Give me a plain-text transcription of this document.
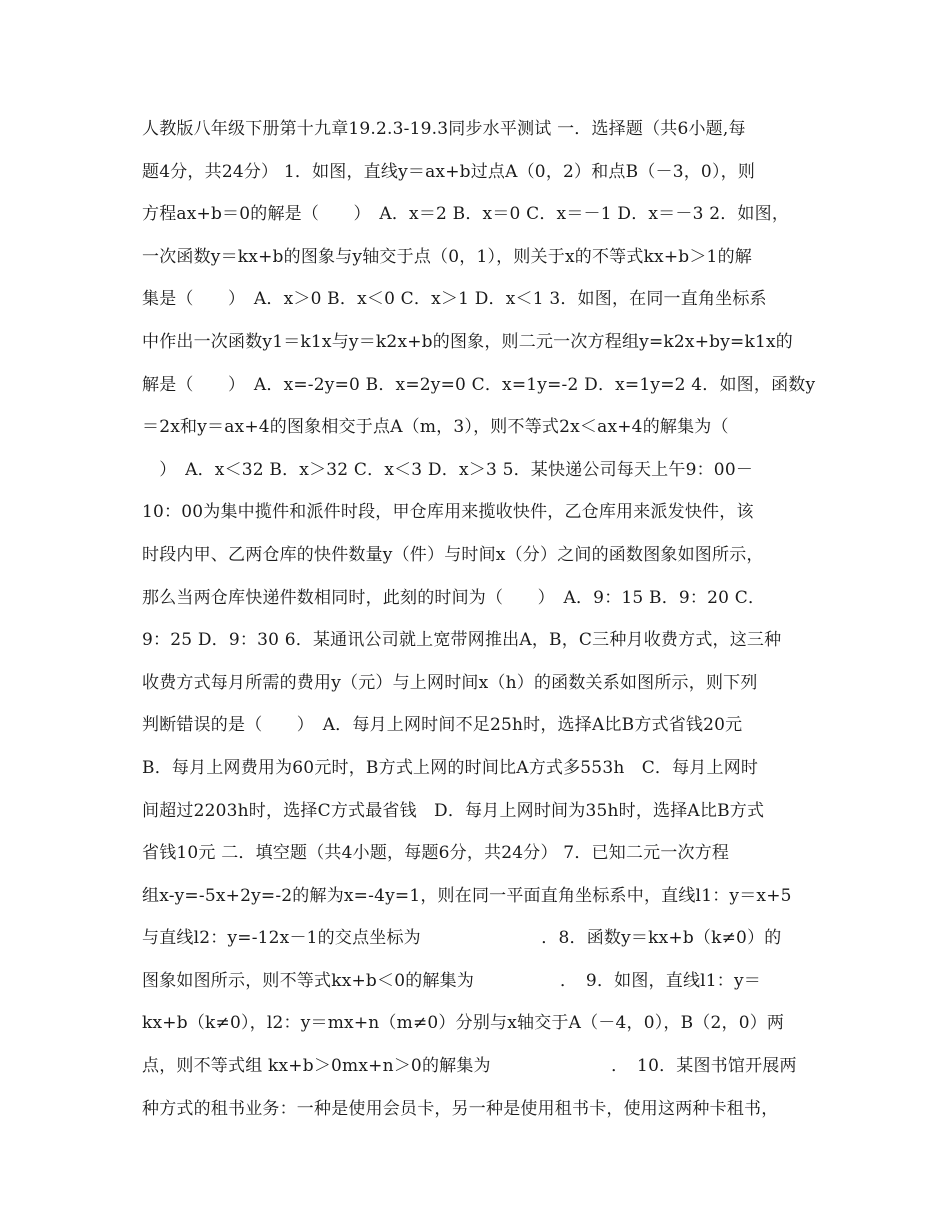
人教版八年级下册第十九章19.2.3-19.3同步水平测试 一．选择题（共6小题,每
题4分，共24分） 1．如图，直线y＝ax+b过点A（0，2）和点B（－3，0），则
方程ax+b＝0的解是（　　）　A．x＝2 B．x＝0 C．x＝－1 D．x＝－3 2．如图，
一次函数y＝kx+b的图象与y轴交于点（0，1），则关于x的不等式kx+b＞1的解
集是（　　）　A．x＞0 B．x＜0 C．x＞1 D．x＜1 3．如图，在同一直角坐标系
中作出一次函数y1＝k1x与y＝k2x+b的图象，则二元一次方程组y=k2x+by=k1x的
解是（　　）　A．x=-2y=0 B．x=2y=0 C．x=1y=-2 D．x=1y=2 4．如图，函数y
＝2x和y＝ax+4的图象相交于点A（m，3），则不等式2x＜ax+4的解集为（
　）　A．x＜32 B．x＞32 C．x＜3 D．x＞3 5．某快递公司每天上午9：00－
10：00为集中揽件和派件时段，甲仓库用来揽收快件，乙仓库用来派发快件，该
时段内甲、乙两仓库的快件数量y（件）与时间x（分）之间的函数图象如图所示，
那么当两仓库快递件数相同时，此刻的时间为（　　）　A．9：15 B．9：20 C．
9：25 D．9：30 6．某通讯公司就上宽带网推出A，B，C三种月收费方式，这三种
收费方式每月所需的费用y（元）与上网时间x（h）的函数关系如图所示，则下列
判断错误的是（　　）　A．每月上网时间不足25h时，选择A比B方式省钱20元
B．每月上网费用为60元时，B方式上网的时间比A方式多553h　C．每月上网时
间超过2203h时，选择C方式最省钱　D．每月上网时间为35h时，选择A比B方式
省钱10元 二．填空题（共4小题，每题6分，共24分） 7．已知二元一次方程
组x-y=-5x+2y=-2的解为x=-4y=1，则在同一平面直角坐标系中，直线l1：y＝x+5
与直线l2：y=-12x－1的交点坐标为　　　　　　　．8．函数y＝kx+b（k≠0）的
图象如图所示，则不等式kx+b＜0的解集为　　　　　．　9．如图，直线l1：y＝
kx+b（k≠0），l2：y＝mx+n（m≠0）分别与x轴交于A（－4，0），B（2，0）两
点，则不等式组 kx+b＞0mx+n＞0的解集为　　　　　　　．　10．某图书馆开展两
种方式的租书业务：一种是使用会员卡，另一种是使用租书卡，使用这两种卡租书，
